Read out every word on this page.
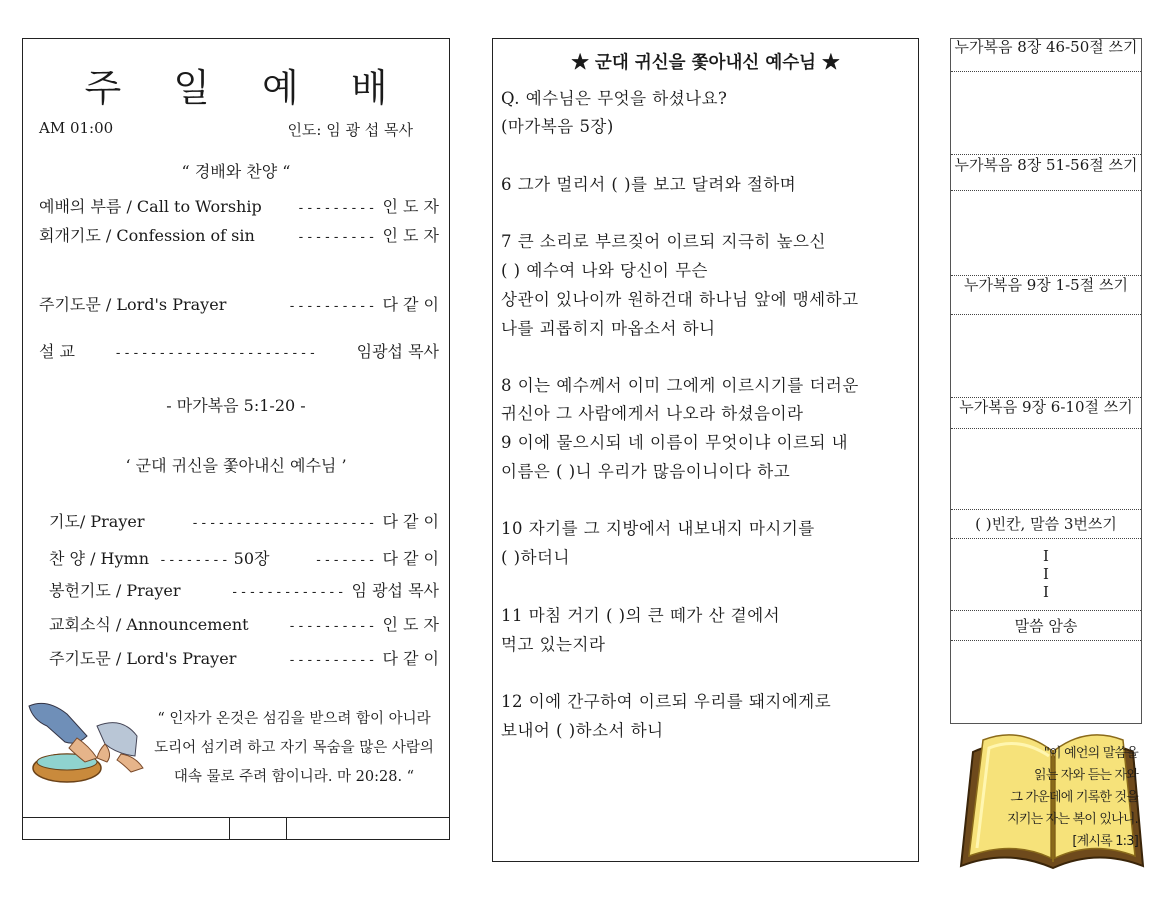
주 일 예 배
AM 01:00	인도: 임 광 섭 목사
“ 경배와 찬양 “
예배의 부름 / Call to Worship	--------- 인 도 자
회개기도 / Confession of sin	--------- 인 도 자
주기도문 / Lord's Prayer	---------- 다 같 이
설 교	-----------------------	임광섭 목사
- 마가복음 5:1-20 -
‘ 군대 귀신을 쫓아내신 예수님 ’
기도/ Prayer	--------------------- 다 같 이
찬 양 / Hymn -------- 50장	------- 다 같 이
봉헌기도 / Prayer	------------- 임 광섭 목사
교회소식 / Announcement	---------- 인 도 자
주기도문 / Lord's Prayer	---------- 다 같 이
“ 인자가 온것은 섬김을 받으려 함이 아니라
도리어 섬기려 하고 자기 목숨을 많은 사람의
대속 물로 주려 함이니라. 마 20:28. “
★ 군대 귀신을 쫓아내신 예수님 ★
Q. 예수님은 무엇을 하셨나요?
(마가복음 5장)
6 그가 멀리서 ( )를 보고 달려와 절하며
7 큰 소리로 부르짖어 이르되 지극히 높으신
( ) 예수여 나와 당신이 무슨
상관이 있나이까 원하건대 하나님 앞에 맹세하고
나를 괴롭히지 마옵소서 하니
8 이는 예수께서 이미 그에게 이르시기를 더러운
귀신아 그 사람에게서 나오라 하셨음이라
9 이에 물으시되 네 이름이 무엇이냐 이르되 내
이름은 ( )니 우리가 많음이니이다 하고
10 자기를 그 지방에서 내보내지 마시기를
( )하더니
11 마침 거기 ( )의 큰 떼가 산 곁에서
먹고 있는지라
12 이에 간구하여 이르되 우리를 돼지에게로
보내어 ( )하소서 하니
누가복음 8장 46-50절 쓰기
누가복음 8장 51-56절 쓰기
누가복음 9장 1-5절 쓰기
누가복음 9장 6-10절 쓰기
( )빈칸, 말씀 3번쓰기
I
I
I
말씀 암송
"이 예언의 말씀을
읽는 자와 듣는 자와
그 가운데에 기록한 것을
지키는 자는 복이 있나니.
[계시록 1:3]
